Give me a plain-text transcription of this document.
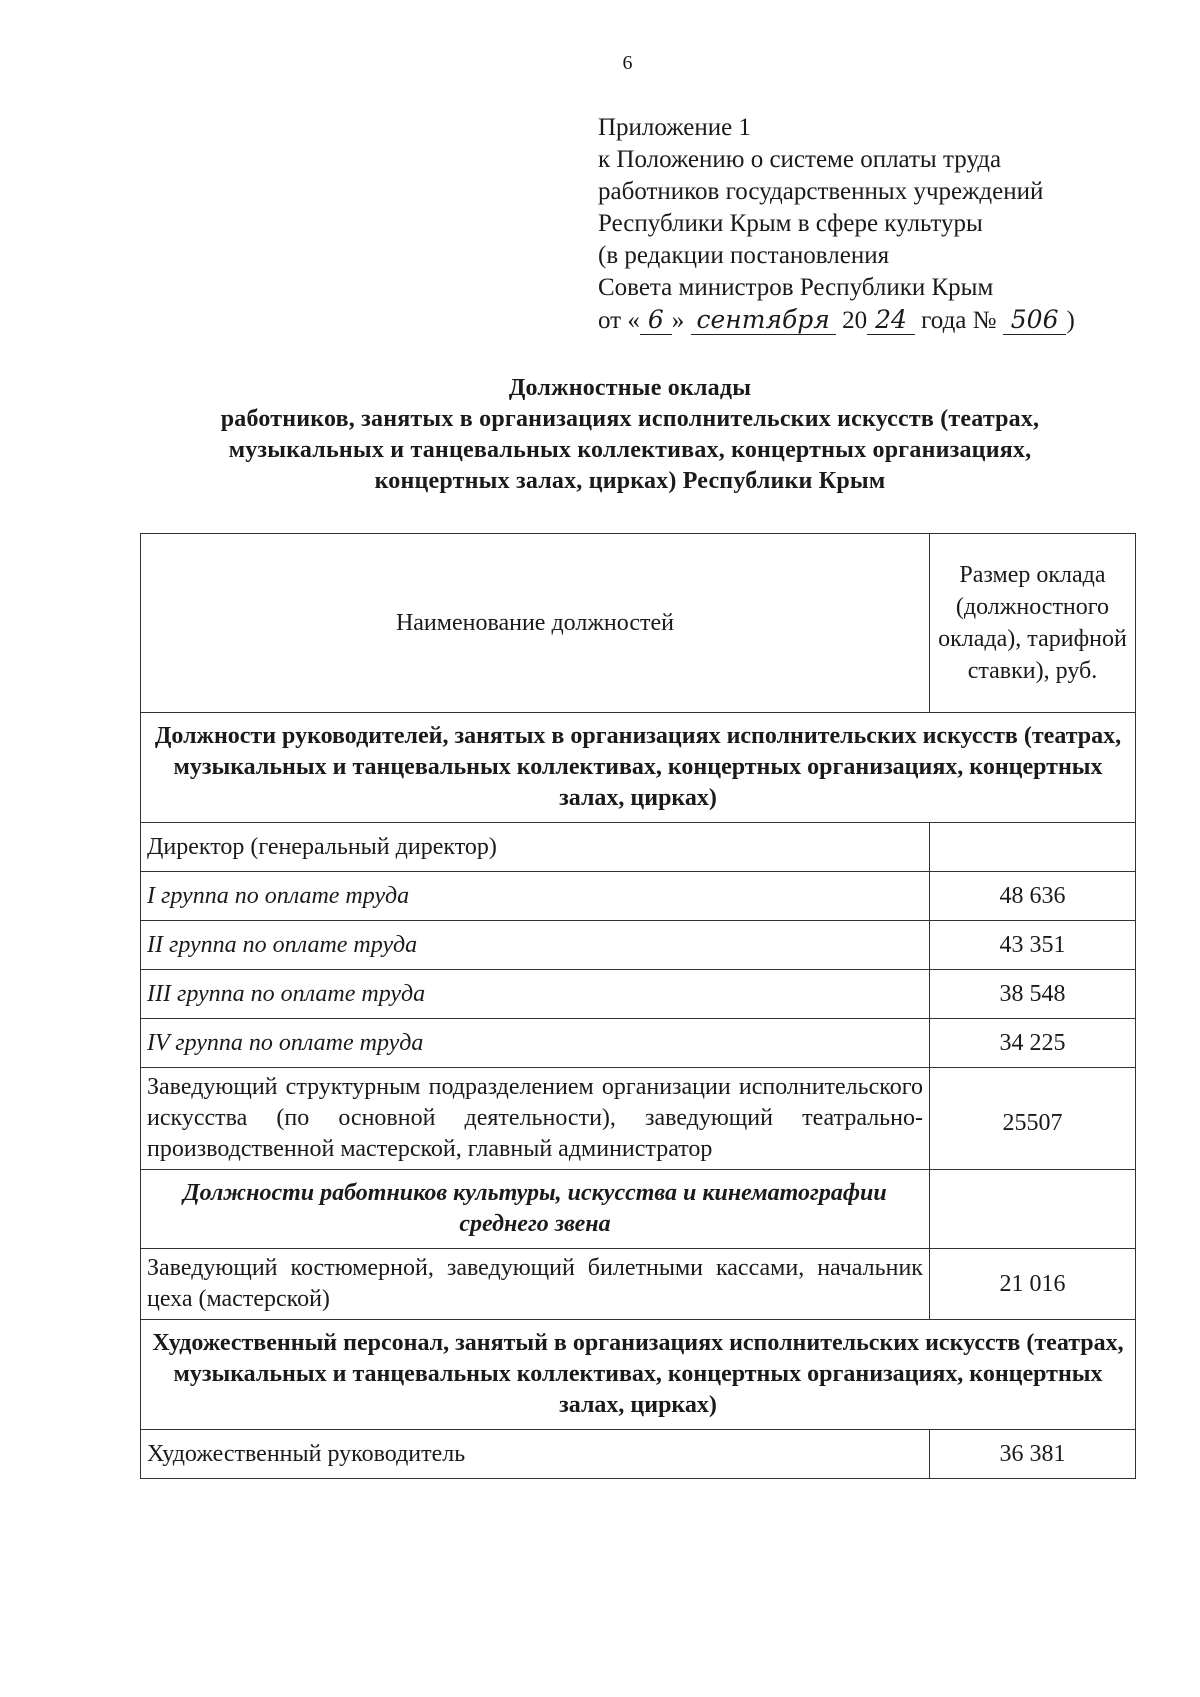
6
Приложение 1
к Положению о системе оплаты труда
работников государственных учреждений
Республики Крым в сфере культуры
(в редакции постановления
Совета министров Республики Крым
от « 6 » сентября 20 24 года № 506 )
Должностные оклады
работников, занятых в организациях исполнительских искусств (театрах,
музыкальных и танцевальных коллективах, концертных организациях,
концертных залах, цирках) Республики Крым
Наименование должностей	Размер оклада (должностного оклада), тарифной ставки), руб.
Должности руководителей, занятых в организациях исполнительских искусств (театрах, музыкальных и танцевальных коллективах, концертных организациях, концертных залах, цирках)	
Директор (генеральный директор)	
I группа по оплате труда	48 636
II группа по оплате труда	43 351
III группа по оплате труда	38 548
IV группа по оплате труда	34 225
Заведующий структурным подразделением организации исполнительского искусства (по основной деятельности), заведующий театрально-производственной мастерской, главный администратор	25507
Должности работников культуры, искусства и кинематографии среднего звена	
Заведующий костюмерной, заведующий билетными кассами, начальник цеха (мастерской)	21 016
Художественный персонал, занятый в организациях исполнительских искусств (театрах, музыкальных и танцевальных коллективах, концертных организациях, концертных залах, цирках)	
Художественный руководитель	36 381
